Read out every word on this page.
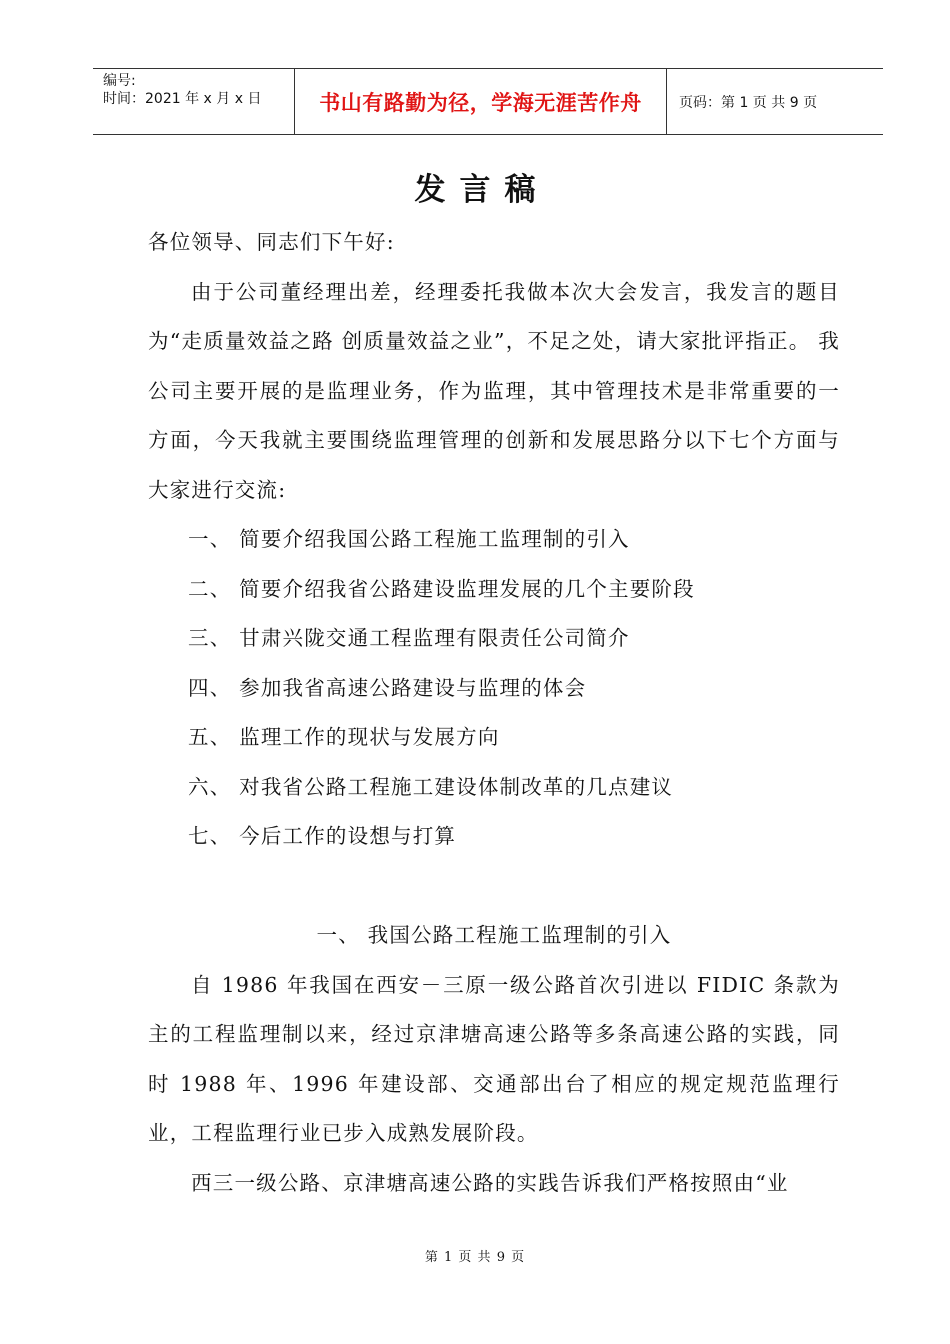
编号:
时间：2021 年 x 月 x 日	书山有路勤为径，学海无涯苦作舟	页码：第 1 页 共 9 页
发言稿

各位领导、同志们下午好:

由于公司董经理出差，经理委托我做本次大会发言，我发言的题目为“走质量效益之路 创质量效益之业”，不足之处，请大家批评指正。 我公司主要开展的是监理业务，作为监理，其中管理技术是非常重要的一方面，今天我就主要围绕监理管理的创新和发展思路分以下七个方面与大家进行交流:

一、 简要介绍我国公路工程施工监理制的引入

二、 简要介绍我省公路建设监理发展的几个主要阶段

三、 甘肃兴陇交通工程监理有限责任公司简介

四、 参加我省高速公路建设与监理的体会

五、 监理工作的现状与发展方向

六、 对我省公路工程施工建设体制改革的几点建议

七、 今后工作的设想与打算

一、 我国公路工程施工监理制的引入

自 1986 年我国在西安－三原一级公路首次引进以 FIDIC 条款为主的工程监理制以来，经过京津塘高速公路等多条高速公路的实践，同时 1988 年、1996 年建设部、交通部出台了相应的规定规范监理行业，工程监理行业已步入成熟发展阶段。

西三一级公路、京津塘高速公路的实践告诉我们严格按照由“业

第 1 页 共 9 页
